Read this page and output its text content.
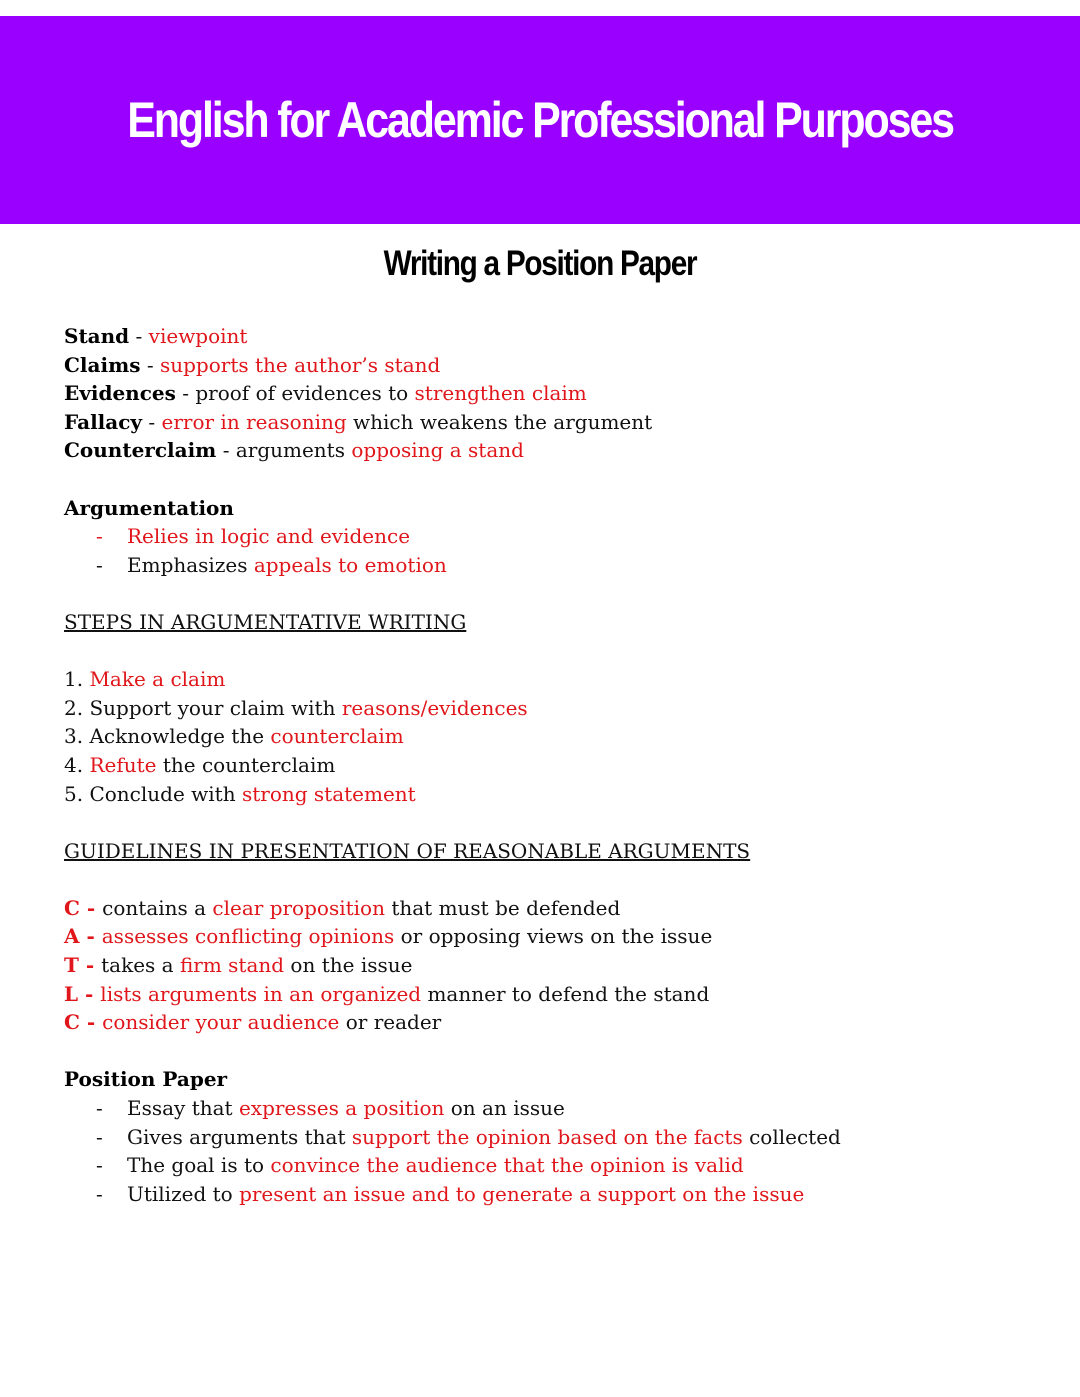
English for Academic Professional Purposes
Writing a Position Paper
Stand - viewpoint
Claims - supports the author’s stand
Evidences - proof of evidences to strengthen claim
Fallacy - error in reasoning which weakens the argument
Counterclaim - arguments opposing a stand
Argumentation
- Relies in logic and evidence
- Emphasizes appeals to emotion
STEPS IN ARGUMENTATIVE WRITING
1. Make a claim
2. Support your claim with reasons/evidences
3. Acknowledge the counterclaim
4. Refute the counterclaim
5. Conclude with strong statement
GUIDELINES IN PRESENTATION OF REASONABLE ARGUMENTS
C - contains a clear proposition that must be defended
A - assesses conflicting opinions or opposing views on the issue
T - takes a firm stand on the issue
L - lists arguments in an organized manner to defend the stand
C - consider your audience or reader
Position Paper
- Essay that expresses a position on an issue
- Gives arguments that support the opinion based on the facts collected
- The goal is to convince the audience that the opinion is valid
- Utilized to present an issue and to generate a support on the issue
